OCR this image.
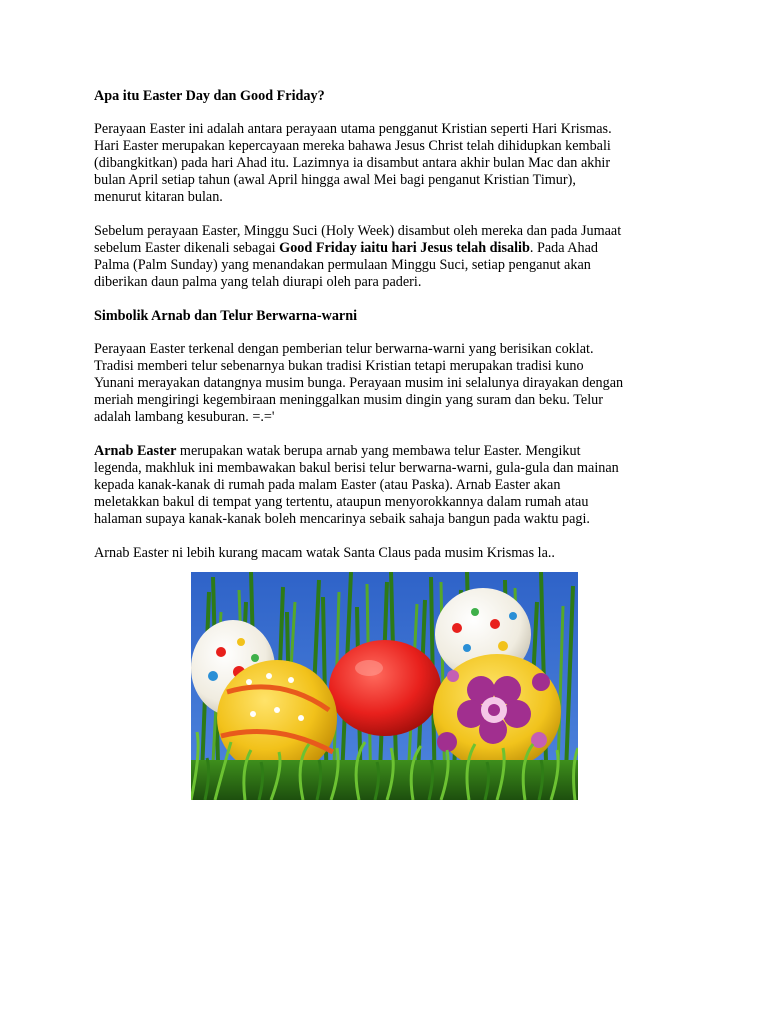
Apa itu Easter Day dan Good Friday?
Perayaan Easter ini adalah antara perayaan utama pengganut Kristian seperti Hari Krismas.
Hari Easter merupakan kepercayaan mereka bahawa Jesus Christ telah dihidupkan kembali
(dibangkitkan) pada hari Ahad itu. Lazimnya ia disambut antara akhir bulan Mac dan akhir
bulan April setiap tahun (awal April hingga awal Mei bagi penganut Kristian Timur),
menurut kitaran bulan.
Sebelum perayaan Easter, Minggu Suci (Holy Week) disambut oleh mereka dan pada Jumaat
sebelum Easter dikenali sebagai Good Friday iaitu hari Jesus telah disalib. Pada Ahad
Palma (Palm Sunday) yang menandakan permulaan Minggu Suci, setiap penganut akan
diberikan daun palma yang telah diurapi oleh para paderi.
Simbolik Arnab dan Telur Berwarna-warni
Perayaan Easter terkenal dengan pemberian telur berwarna-warni yang berisikan coklat.
Tradisi memberi telur sebenarnya bukan tradisi Kristian tetapi merupakan tradisi kuno
Yunani merayakan datangnya musim bunga. Perayaan musim ini selalunya dirayakan dengan
meriah mengiringi kegembiraan meninggalkan musim dingin yang suram dan beku. Telur
adalah lambang kesuburan. =.='
Arnab Easter merupakan watak berupa arnab yang membawa telur Easter. Mengikut
legenda, makhluk ini membawakan bakul berisi telur berwarna-warni, gula-gula dan mainan
kepada kanak-kanak di rumah pada malam Easter (atau Paska). Arnab Easter akan
meletakkan bakul di tempat yang tertentu, ataupun menyorokkannya dalam rumah atau
halaman supaya kanak-kanak boleh mencarinya sebaik sahaja bangun pada waktu pagi.
Arnab Easter ni lebih kurang macam watak Santa Claus pada musim Krismas la..
